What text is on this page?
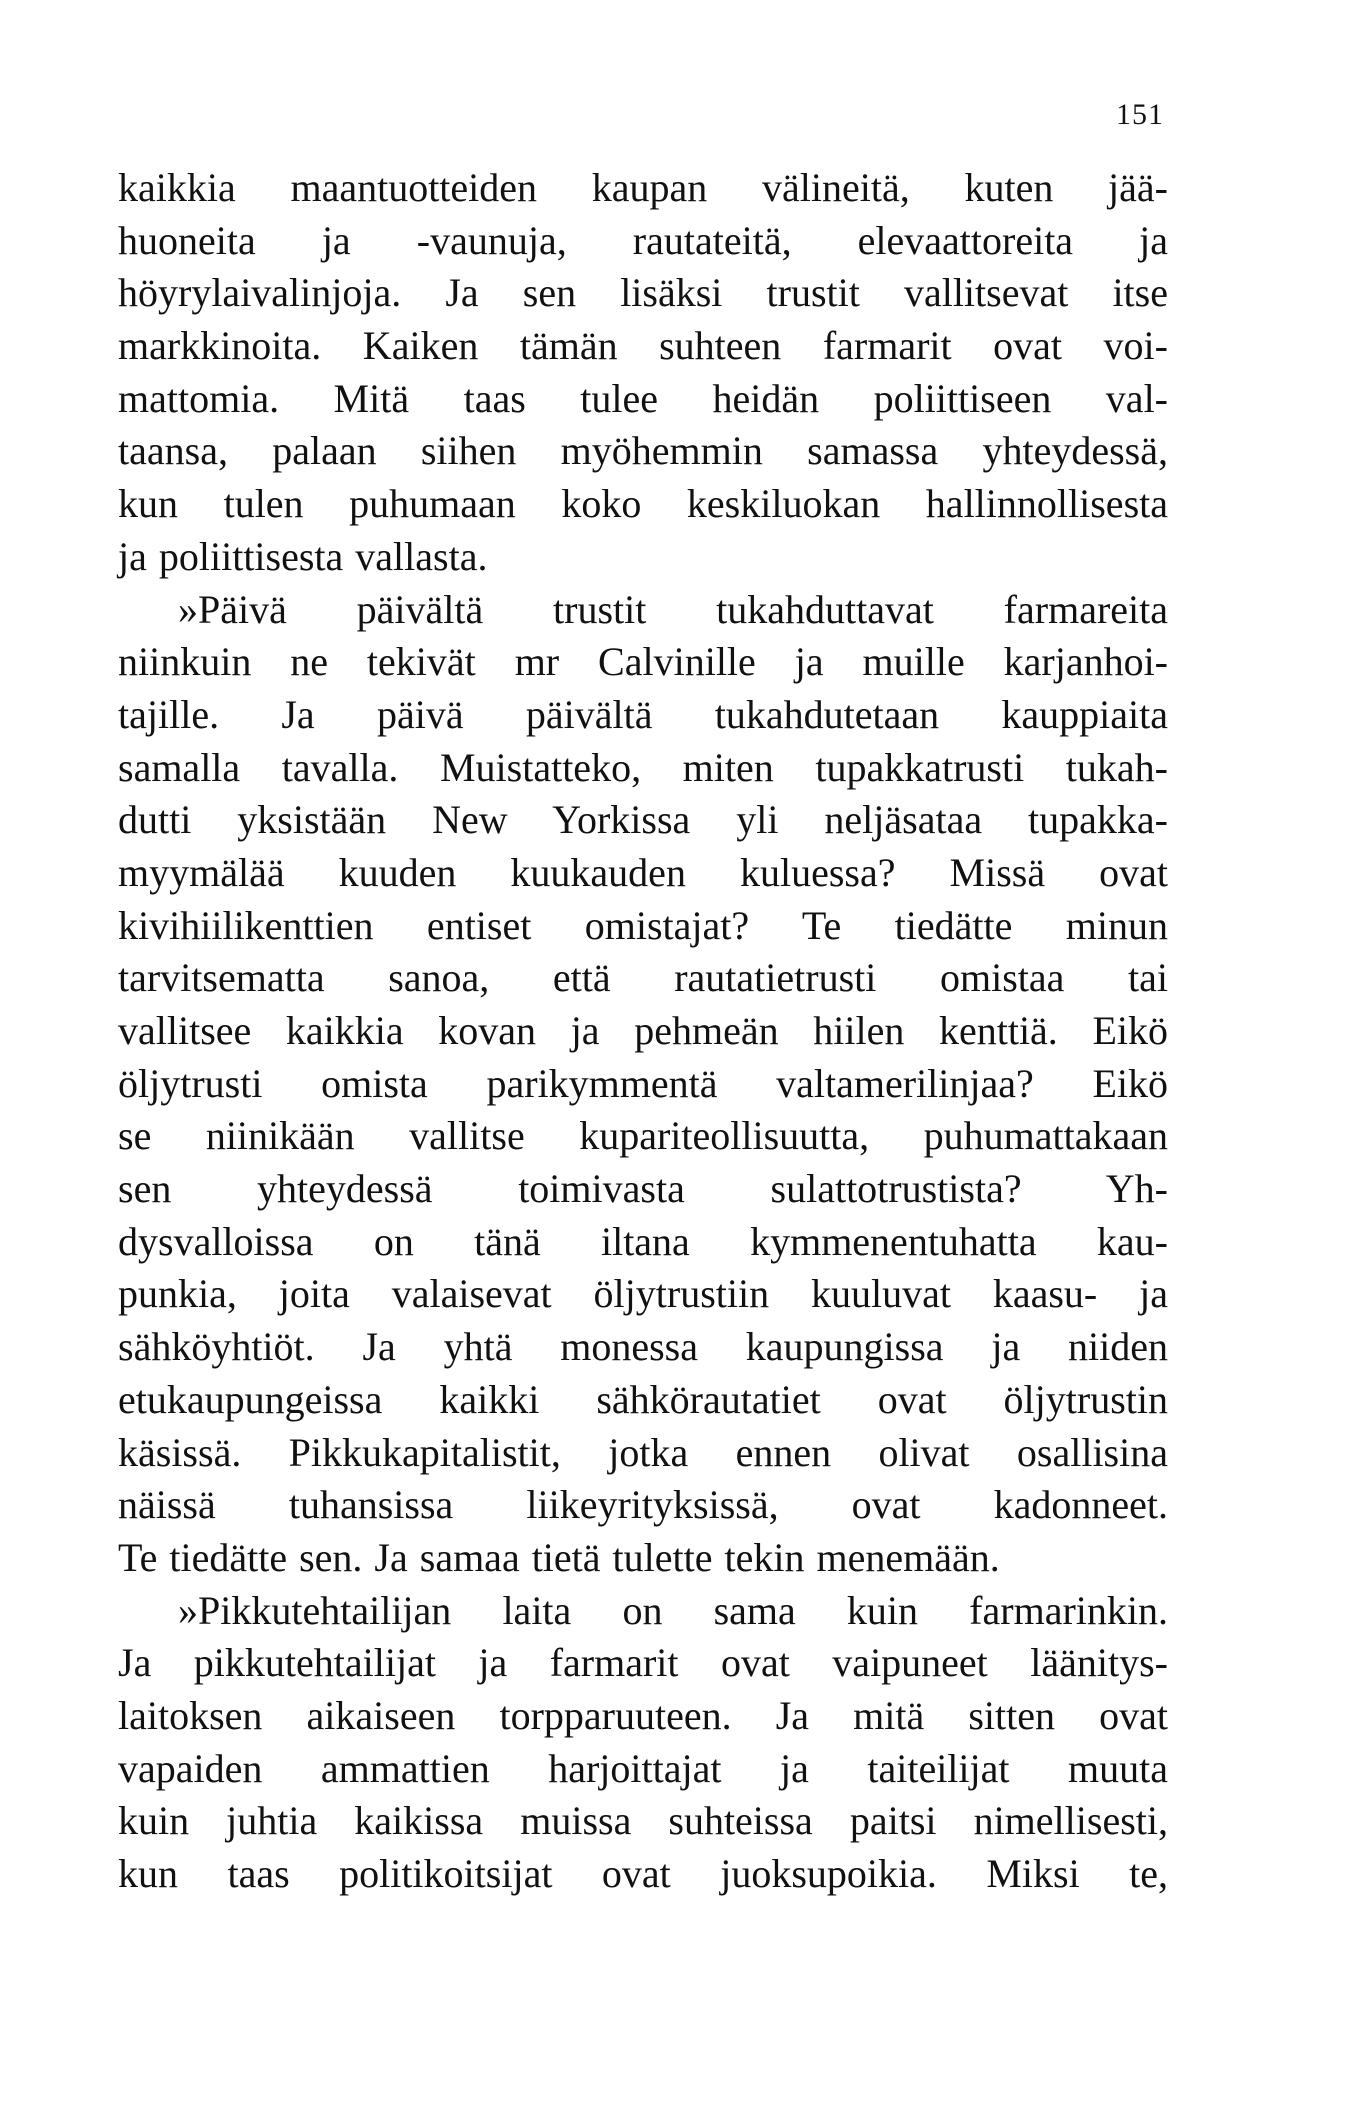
151
kaikkia maantuotteiden kaupan välineitä, kuten jää-
huoneita ja -vaunuja, rautateitä, elevaattoreita ja
höyrylaivalinjoja. Ja sen lisäksi trustit vallitsevat itse
markkinoita. Kaiken tämän suhteen farmarit ovat voi-
mattomia. Mitä taas tulee heidän poliittiseen val-
taansa, palaan siihen myöhemmin samassa yhteydessä,
kun tulen puhumaan koko keskiluokan hallinnollisesta
ja poliittisesta vallasta.
»Päivä päivältä trustit tukahduttavat farmareita
niinkuin ne tekivät mr Calvinille ja muille karjanhoi-
tajille. Ja päivä päivältä tukahdutetaan kauppiaita
samalla tavalla. Muistatteko, miten tupakkatrusti tukah-
dutti yksistään New Yorkissa yli neljäsataa tupakka-
myymälää kuuden kuukauden kuluessa? Missä ovat
kivihiilikenttien entiset omistajat? Te tiedätte minun
tarvitsematta sanoa, että rautatietrusti omistaa tai
vallitsee kaikkia kovan ja pehmeän hiilen kenttiä. Eikö
öljytrusti omista parikymmentä valtamerilinjaa? Eikö
se niinikään vallitse kupariteollisuutta, puhumattakaan
sen yhteydessä toimivasta sulattotrustista? Yh-
dysvalloissa on tänä iltana kymmenentuhatta kau-
punkia, joita valaisevat öljytrustiin kuuluvat kaasu- ja
sähköyhtiöt. Ja yhtä monessa kaupungissa ja niiden
etukaupungeissa kaikki sähkörautatiet ovat öljytrustin
käsissä. Pikkukapitalistit, jotka ennen olivat osallisina
näissä tuhansissa liikeyrityksissä, ovat kadonneet.
Te tiedätte sen. Ja samaa tietä tulette tekin menemään.
»Pikkutehtailijan laita on sama kuin farmarinkin.
Ja pikkutehtailijat ja farmarit ovat vaipuneet läänitys-
laitoksen aikaiseen torpparuuteen. Ja mitä sitten ovat
vapaiden ammattien harjoittajat ja taiteilijat muuta
kuin juhtia kaikissa muissa suhteissa paitsi nimellisesti,
kun taas politikoitsijat ovat juoksupoikia. Miksi te,
